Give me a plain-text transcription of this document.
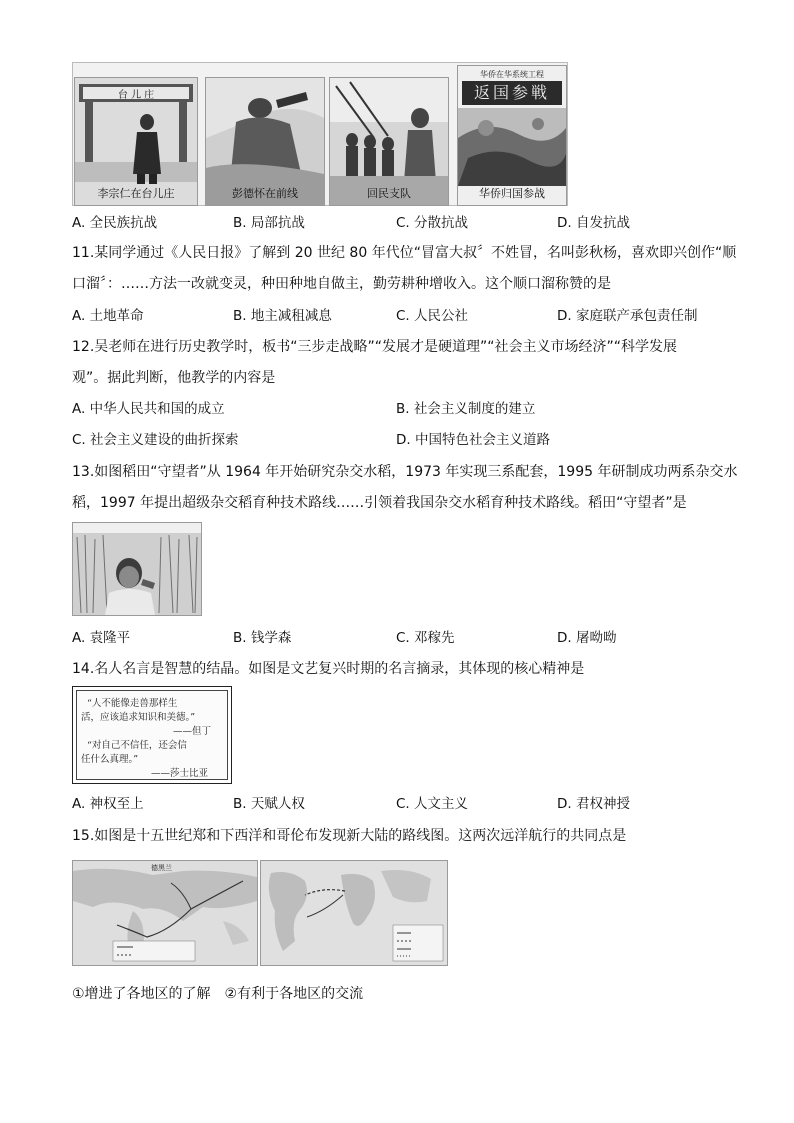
台 儿 庄
李宗仁在台儿庄	彭德怀在前线	回民支队
华侨在华系统工程
返国参戦
华侨归国参战
A. 全民族抗战	B. 局部抗战	C. 分散抗战	D. 自发抗战
11.某同学通过《人民日报》了解到 20 世纪 80 年代位“冒富大叔〞不姓冒，名叫彭秋杨，喜欢即兴创作“顺
口溜〞：……方法一改就变灵，种田种地自做主，勤劳耕种增收入。这个顺口溜称赞的是
A. 土地革命	B. 地主减租减息	C. 人民公社	D. 家庭联产承包责任制
12.吴老师在进行历史教学时，板书“三步走战略”“发展才是硬道理”“社会主义市场经济”“科学发展
观”。据此判断，他教学的内容是
A. 中华人民共和国的成立	B. 社会主义制度的建立
C. 社会主义建设的曲折探索	D. 中国特色社会主义道路
13.如图稻田“守望者”从 1964 年开始研究杂交水稻，1973 年实现三系配套，1995 年研制成功两系杂交水
稻，1997 年提出超级杂交稻育种技术路线……引领着我国杂交水稻育种技术路线。稻田“守望者”是
A. 袁隆平	B. 钱学森	C. 邓稼先	D. 屠呦呦
14.名人名言是智慧的结晶。如图是文艺复兴时期的名言摘录，其体现的核心精神是
“人不能像走兽那样生
活，应该追求知识和美德。”
——但丁
“对自己不信任，还会信
任什么真理。”
——莎士比亚
A. 神权至上	B. 天赋人权	C. 人文主义	D. 君权神授
15.如图是十五世纪郑和下西洋和哥伦布发现新大陆的路线图。这两次远洋航行的共同点是
德黑兰
①增进了各地区的了解　②有利于各地区的交流
